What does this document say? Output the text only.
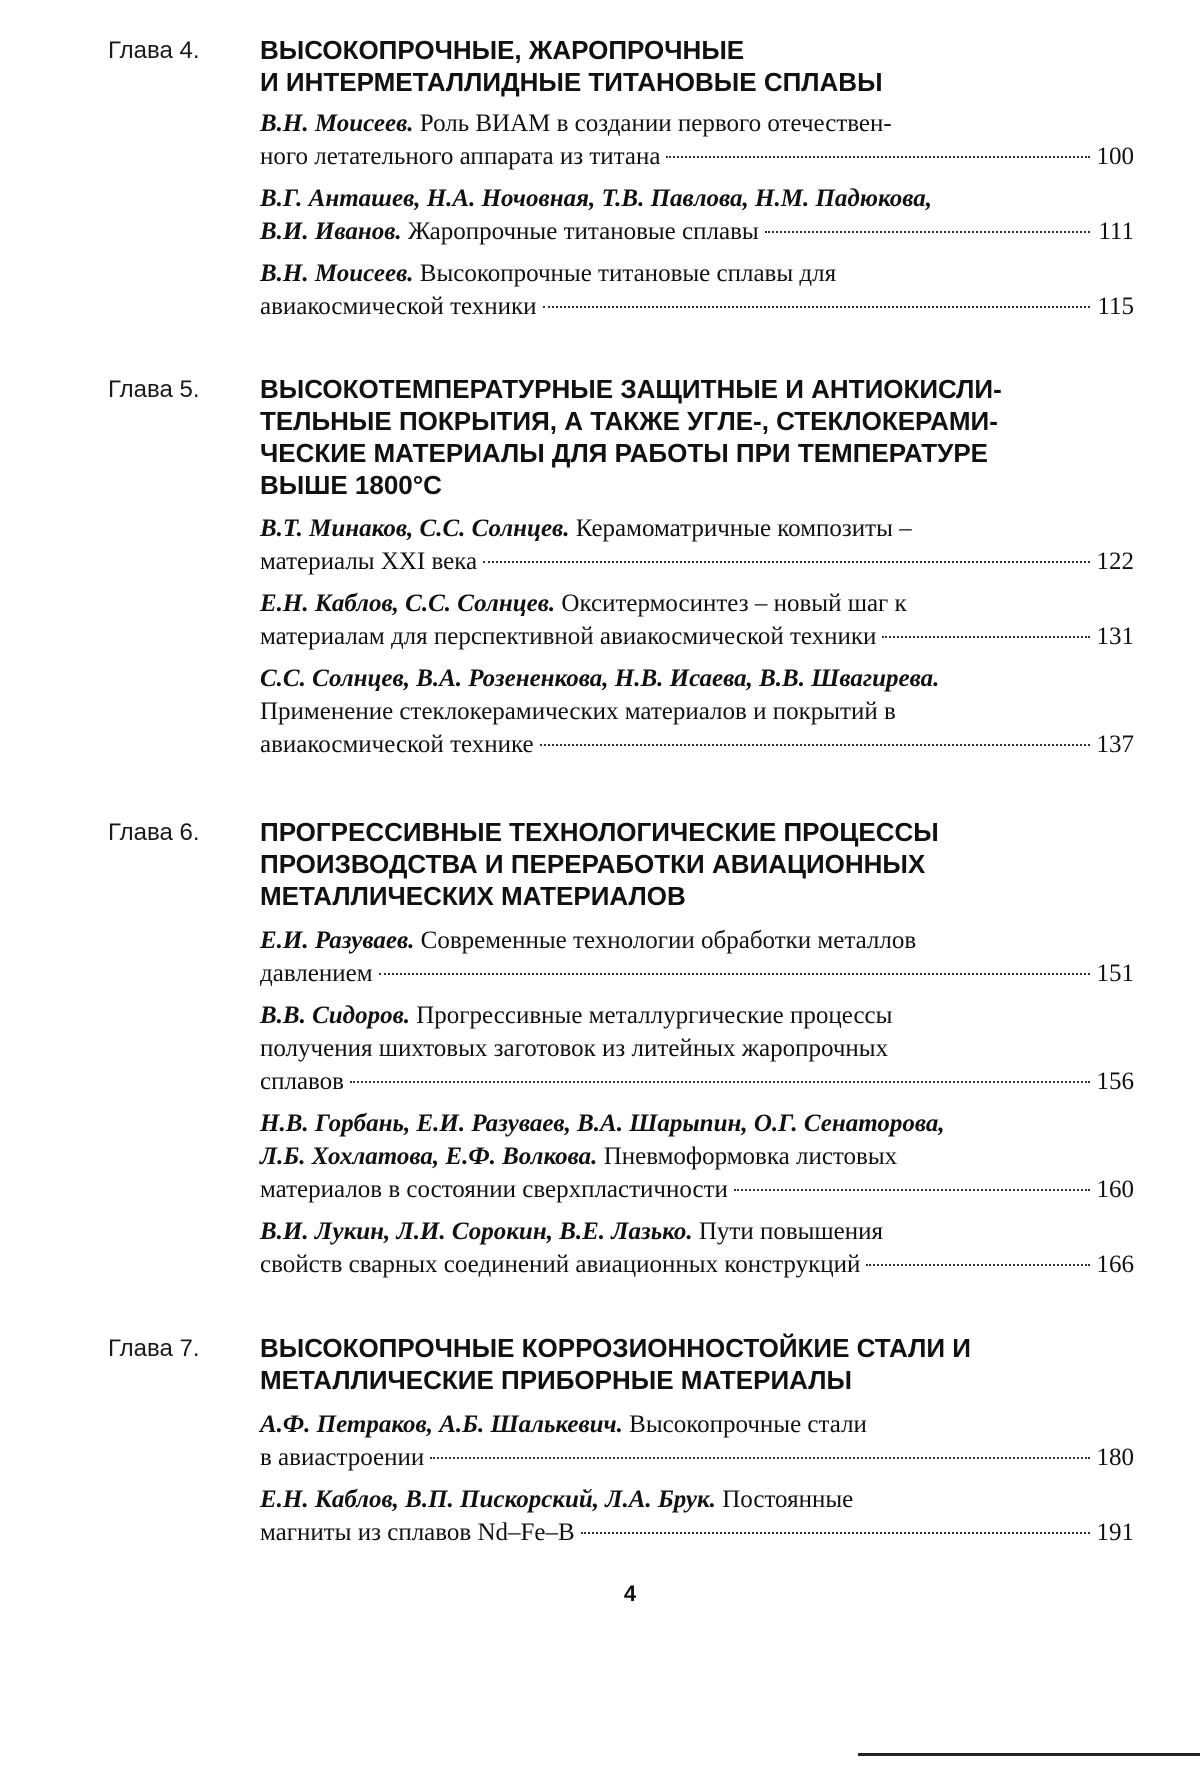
Глава 4. ВЫСОКОПРОЧНЫЕ, ЖАРОПРОЧНЫЕ
И ИНТЕРМЕТАЛЛИДНЫЕ ТИТАНОВЫЕ СПЛАВЫ
В.Н. Моисеев. Роль ВИАМ в создании первого отечествен-
ного летательного аппарата из титана	100
В.Г. Анташев, Н.А. Ночовная, Т.В. Павлова, Н.М. Падюкова,
В.И. Иванов. Жаропрочные титановые сплавы	111
В.Н. Моисеев. Высокопрочные титановые сплавы для
авиакосмической техники	115
Глава 5. ВЫСОКОТЕМПЕРАТУРНЫЕ ЗАЩИТНЫЕ И АНТИОКИСЛИ-
ТЕЛЬНЫЕ ПОКРЫТИЯ, А ТАКЖЕ УГЛЕ-, СТЕКЛОКЕРАМИ-
ЧЕСКИЕ МАТЕРИАЛЫ ДЛЯ РАБОТЫ ПРИ ТЕМПЕРАТУРЕ
ВЫШЕ 1800°С
В.Т. Минаков, С.С. Солнцев. Керамоматричные композиты –
материалы XXI века	122
Е.Н. Каблов, С.С. Солнцев. Окситермосинтез – новый шаг к
материалам для перспективной авиакосмической техники	131
С.С. Солнцев, В.А. Розененкова, Н.В. Исаева, В.В. Швагирева.
Применение стеклокерамических материалов и покрытий в
авиакосмической технике	137
Глава 6. ПРОГРЕССИВНЫЕ ТЕХНОЛОГИЧЕСКИЕ ПРОЦЕССЫ
ПРОИЗВОДСТВА И ПЕРЕРАБОТКИ АВИАЦИОННЫХ
МЕТАЛЛИЧЕСКИХ МАТЕРИАЛОВ
Е.И. Разуваев. Современные технологии обработки металлов
давлением	151
В.В. Сидоров. Прогрессивные металлургические процессы
получения шихтовых заготовок из литейных жаропрочных
сплавов	156
Н.В. Горбань, Е.И. Разуваев, В.А. Шарыпин, О.Г. Сенаторова,
Л.Б. Хохлатова, Е.Ф. Волкова. Пневмоформовка листовых
материалов в состоянии сверхпластичности	160
В.И. Лукин, Л.И. Сорокин, В.Е. Лазько. Пути повышения
свойств сварных соединений авиационных конструкций	166
Глава 7. ВЫСОКОПРОЧНЫЕ КОРРОЗИОННОСТОЙКИЕ СТАЛИ И
МЕТАЛЛИЧЕСКИЕ ПРИБОРНЫЕ МАТЕРИАЛЫ
А.Ф. Петраков, А.Б. Шалькевич. Высокопрочные стали
в авиастроении	180
Е.Н. Каблов, В.П. Пискорский, Л.А. Брук. Постоянные
магниты из сплавов Nd–Fe–B	191
4
